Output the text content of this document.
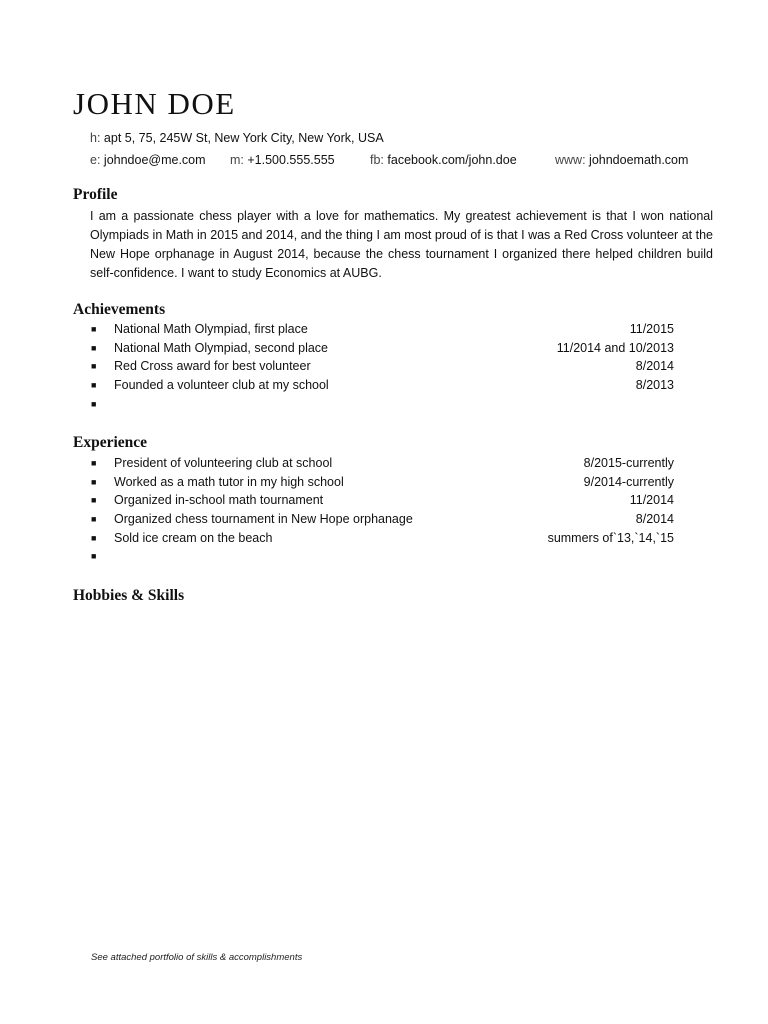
JOHN DOE
h: apt 5, 75, 245W St, New York City, New York, USA
e: johndoe@me.com m: +1.500.555.555	fb: facebook.com/john.doe	www: johndoemath.com
Profile

I am a passionate chess player with a love for mathematics. My greatest achievement is that I won national Olympiads in Math in 2015 and 2014, and the thing I am most proud of is that I was a Red Cross volunteer at the New Hope orphanage in August 2014, because the chess tournament I organized there helped children build self-confidence. I want to study Economics at AUBG.

Achievements
■ National Math Olympiad, first place	11/2015
■ National Math Olympiad, second place	11/2014 and 10/2013
■ Red Cross award for best volunteer	8/2014
■ Founded a volunteer club at my school	8/2013
■
Experience
■ President of volunteering club at school	8/2015-currently
■ Worked as a math tutor in my high school	9/2014-currently
■ Organized in-school math tournament	11/2014
■ Organized chess tournament in New Hope orphanage	8/2014
■ Sold ice cream on the beach	summers of`13,`14,`15
■
Hobbies & Skills
See attached portfolio of skills & accomplishments
